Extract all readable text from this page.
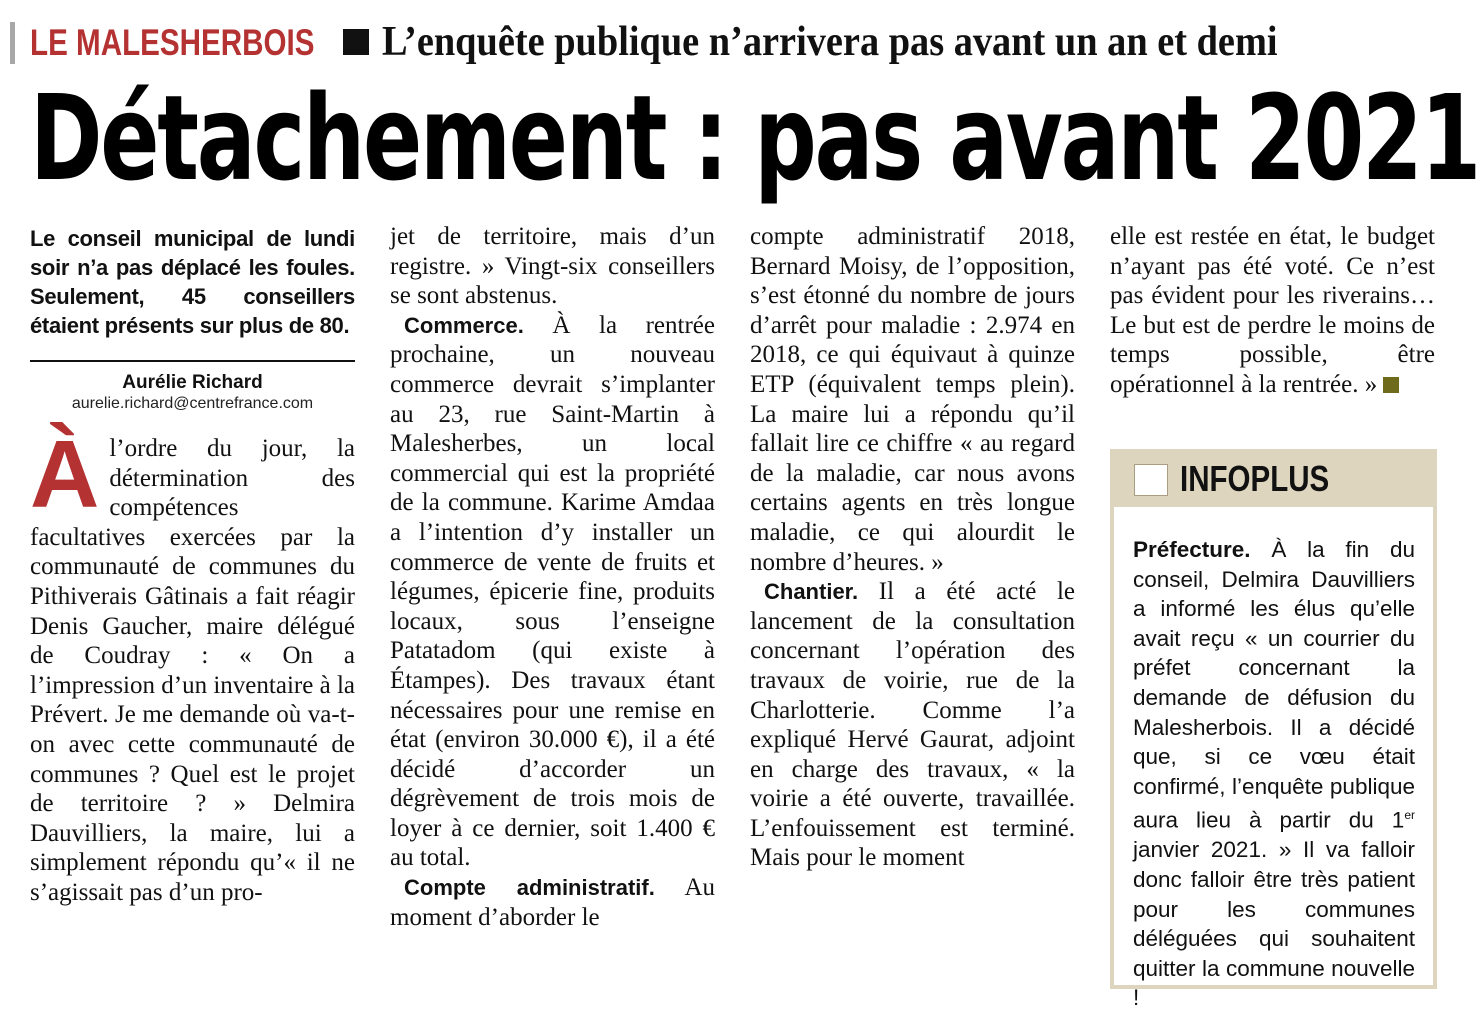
LE MALESHERBOIS L’enquête publique n’arrivera pas avant un an et demi
Détachement : pas avant 2021

Le conseil municipal de lundi soir n’a pas déplacé les foules. Seulement, 45 conseillers étaient présents sur plus de 80.

Aurélie Richard
aurelie.richard@centrefrance.com

Àl’ordre du jour, la détermination des compétences facultatives exercées par la communauté de communes du Pithiverais Gâtinais a fait réagir Denis Gaucher, maire délégué de Coudray : « On a l’impression d’un inventaire à la Prévert. Je me demande où va-t-on avec cette communauté de communes ? Quel est le projet de territoire ? » Delmira Dauvilliers, la maire, lui a simplement répondu qu’« il ne s’agissait pas d’un pro-

jet de territoire, mais d’un registre. » Vingt-six conseillers se sont abstenus.

Commerce. À la rentrée prochaine, un nouveau commerce devrait s’implanter au 23, rue Saint-Martin à Malesherbes, un local commercial qui est la propriété de la commune. Karime Amdaa a l’intention d’y installer un commerce de vente de fruits et légumes, épicerie fine, produits locaux, sous l’enseigne Patatadom (qui existe à Étampes). Des travaux étant nécessaires pour une remise en état (environ 30.000 €), il a été décidé d’accorder un dégrèvement de trois mois de loyer à ce dernier, soit 1.400 € au total.

Compte administratif. Au moment d’aborder le

compte administratif 2018, Bernard Moisy, de l’opposition, s’est étonné du nombre de jours d’arrêt pour maladie : 2.974 en 2018, ce qui équivaut à quinze ETP (équivalent temps plein). La maire lui a répondu qu’il fallait lire ce chiffre « au regard de la maladie, car nous avons certains agents en très longue maladie, ce qui alourdit le nombre d’heures. »

Chantier. Il a été acté le lancement de la consultation concernant l’opération des travaux de voirie, rue de la Charlotterie. Comme l’a expliqué Hervé Gaurat, adjoint en charge des travaux, « la voirie a été ouverte, travaillée. L’enfouissement est terminé. Mais pour le moment

elle est restée en état, le budget n’ayant pas été voté. Ce n’est pas évident pour les riverains… Le but est de perdre le moins de temps possible, être opérationnel à la rentrée. »

INFOPLUS

Préfecture. À la fin du conseil, Delmira Dauvilliers a informé les élus qu’elle avait reçu « un courrier du préfet concernant la demande de défusion du Malesherbois. Il a décidé que, si ce vœu était confirmé, l’enquête publique aura lieu à partir du 1er janvier 2021. » Il va falloir donc falloir être très patient pour les communes déléguées qui souhaitent quitter la commune nouvelle !
